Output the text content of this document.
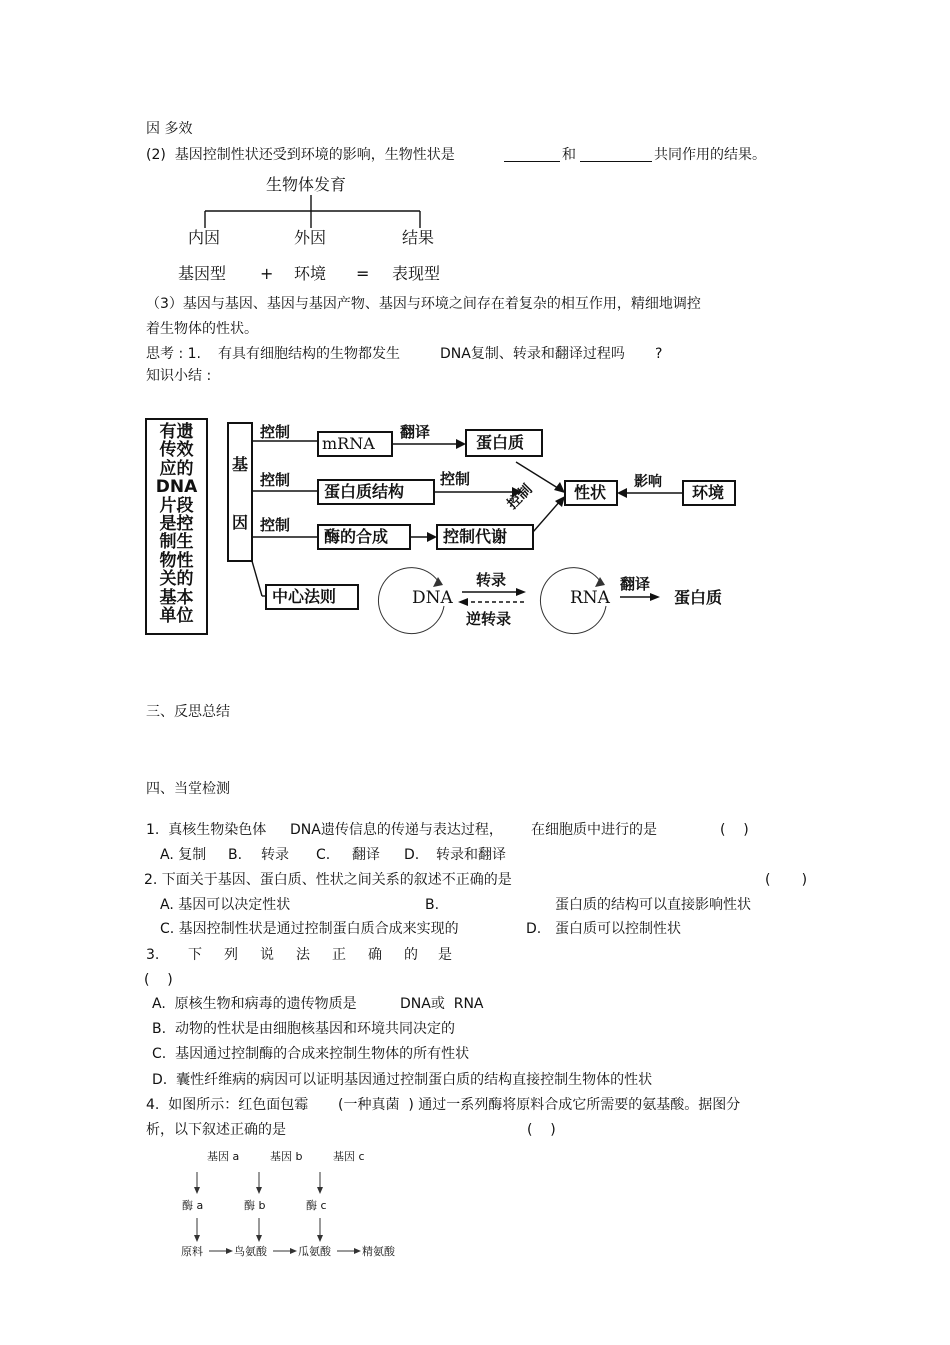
因 多效
(2)  基因控制性状还受到环境的影响，生物性状是	和	共同作用的结果。
生物体发育
内因	外因	结果
基因型 + 环境 = 表现型
（3）基因与基因、基因与基因产物、基因与环境之间存在着复杂的相互作用，精细地调控
着生物体的性状。
思考 : 1. 有具有细胞结构的生物都发生	DNA复制、转录和翻译过程吗 ?
知识小结 :
有遗
传效
应的
DNA
片段
是控
制生
物性
关的
基本
单位
基
因
控制
控制
控制
mRNA
翻译
蛋白质
蛋白质结构
控制
控制 性状
影响
环境
酶的合成	控制代谢
中心法则	DNA
转录
逆转录
RNA
翻译
蛋白质
三、反思总结
四、当堂检测
1.  真核生物染色体 DNA遗传信息的传递与表达过程， 在细胞质中进行的是	(    )
A. 复制 B. 转录 C. 翻译 D. 转录和翻译
2. 下面关于基因、蛋白质、性状之间关系的叙述不正确的是	(       )
A. 基因可以决定性状	B.	蛋白质的结构可以直接影响性状
C. 基因控制性状是通过控制蛋白质合成来实现的	D. 蛋白质可以控制性状
3. 下 列 说 法 正 确 的 是
(    )
A.  原核生物和病毒的遗传物质是	DNA或  RNA
B.  动物的性状是由细胞核基因和环境共同决定的
C.  基因通过控制酶的合成来控制生物体的所有性状
D.  囊性纤维病的病因可以证明基因通过控制蛋白质的结构直接控制生物体的性状
4.  如图所示：红色面包霉 (一种真菌  ) 通过一系列酶将原料合成它所需要的氨基酸。据图分
析，以下叙述正确的是	(    )
基因 a	基因 b	基因 c
酶 a	酶 b	酶 c
原料	鸟氨酸	瓜氨酸	精氨酸
